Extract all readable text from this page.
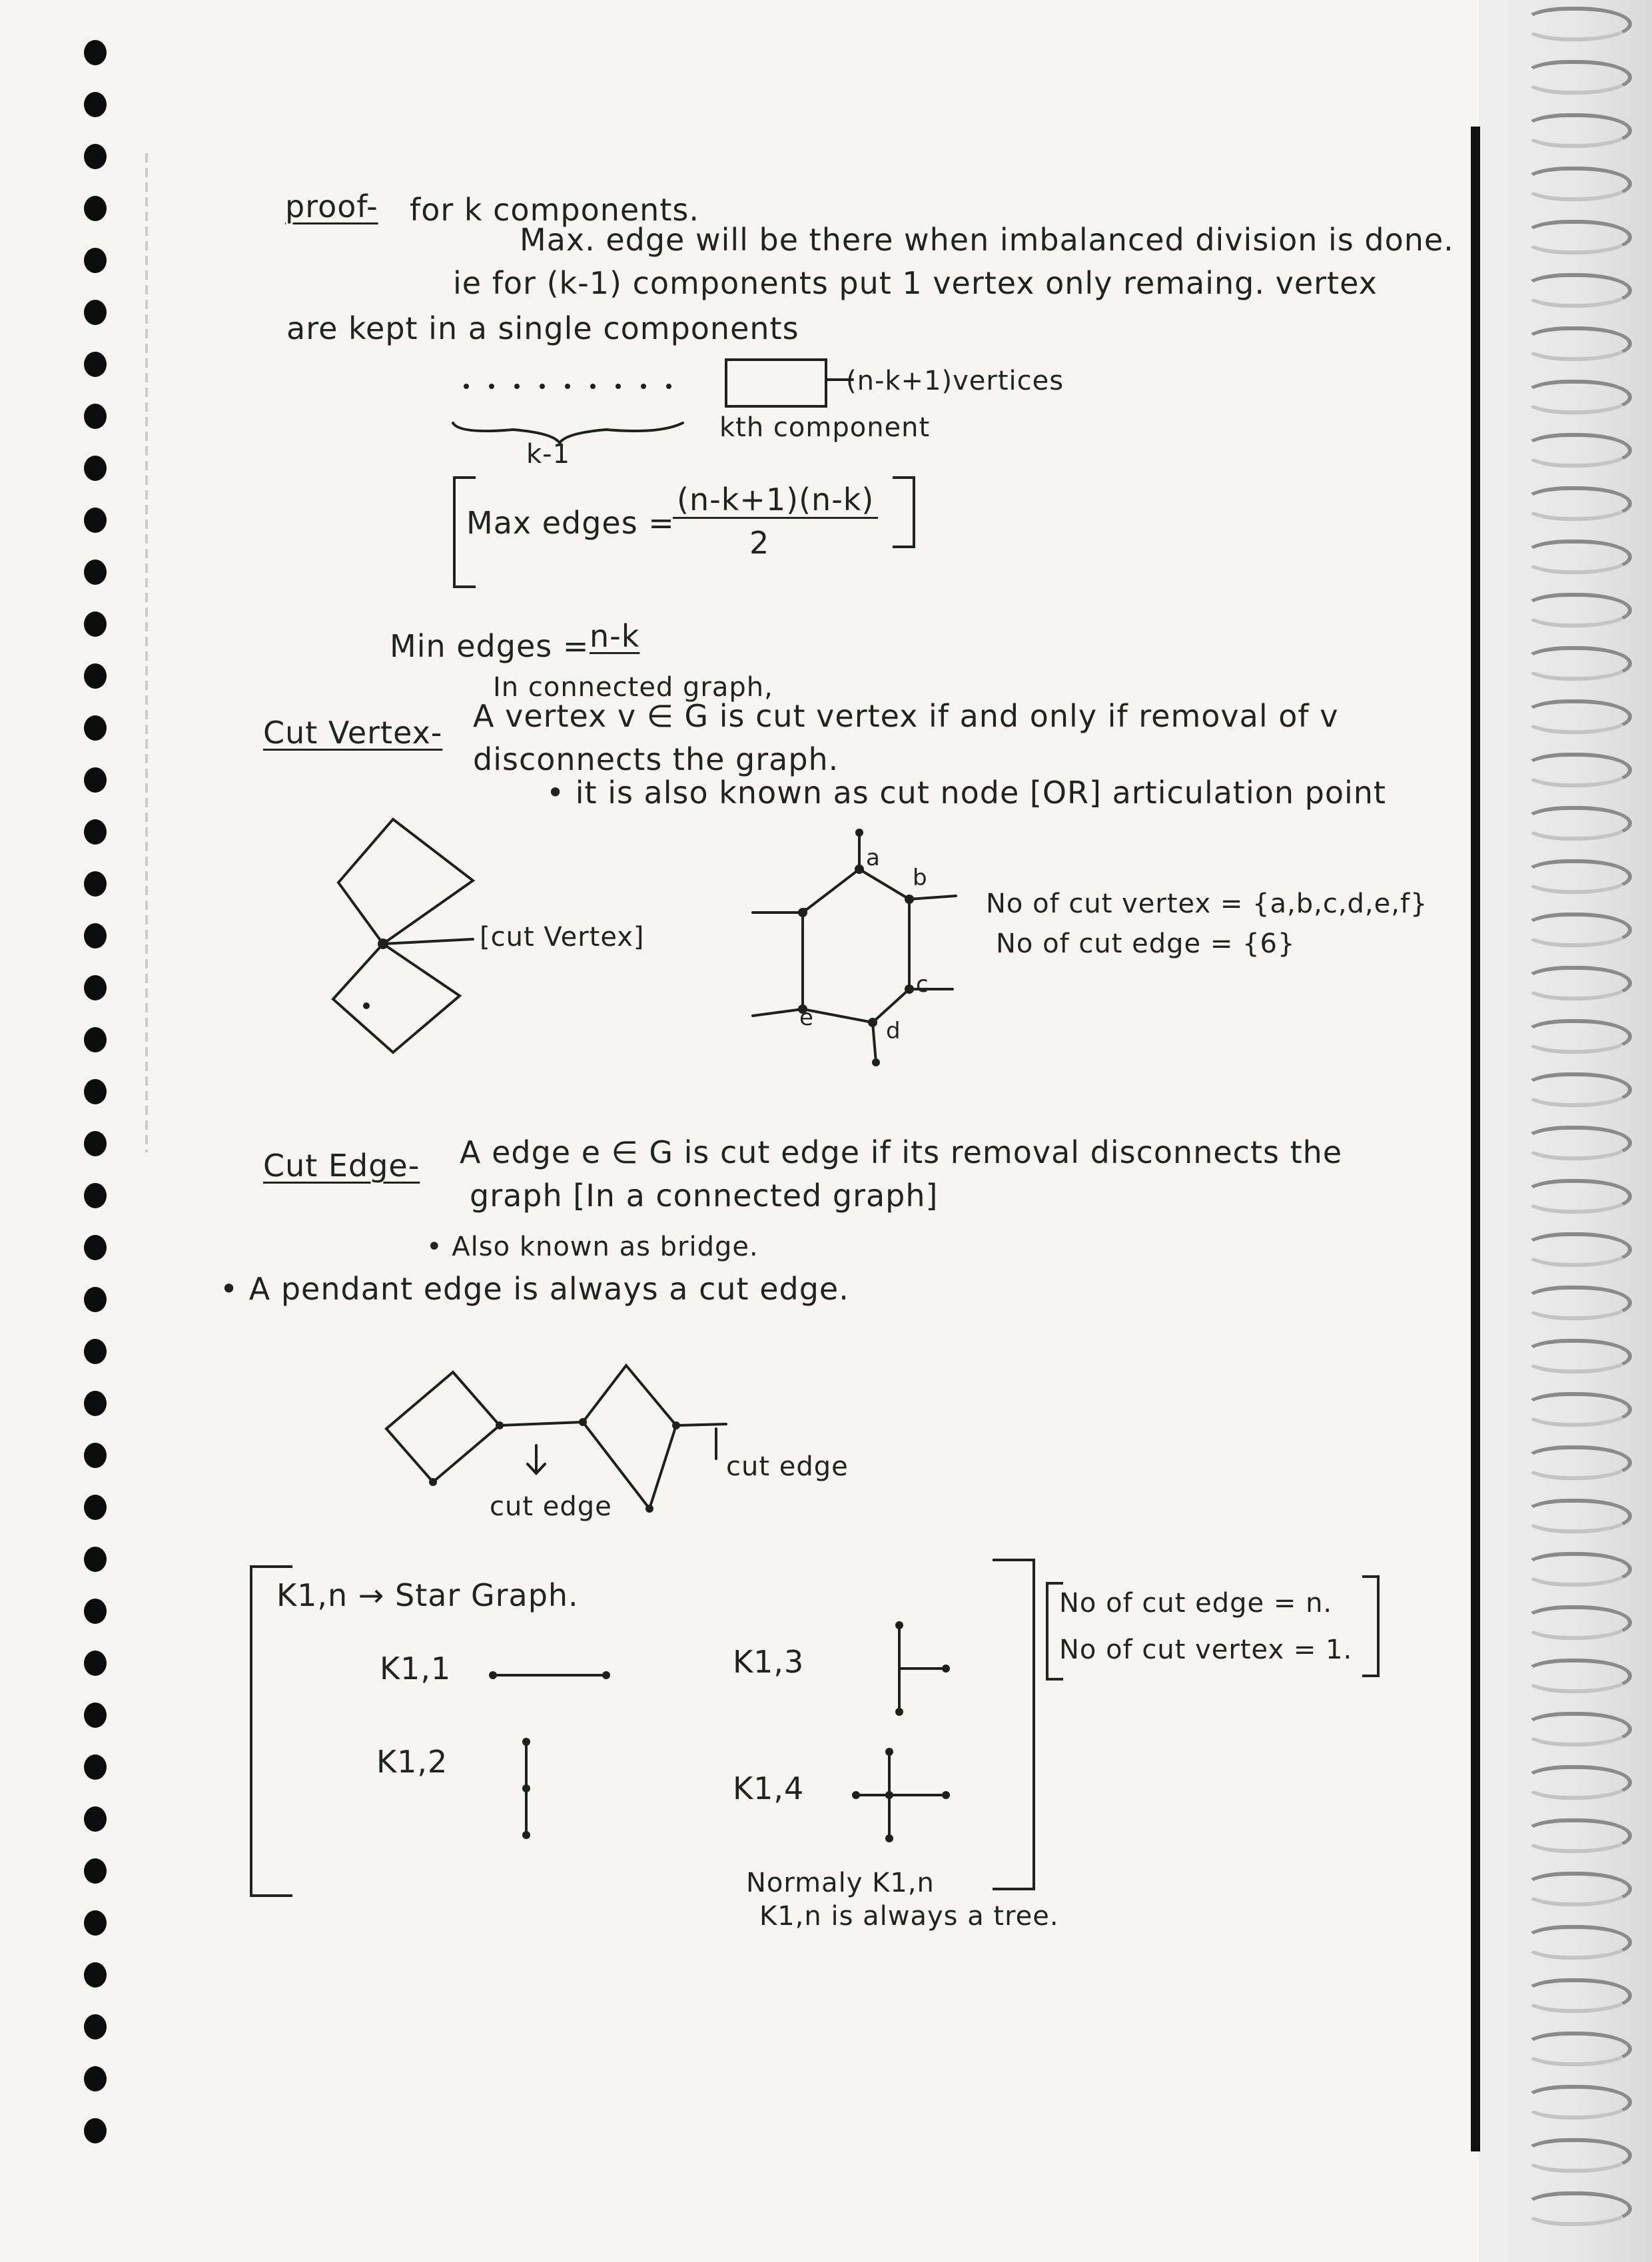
proof- for k components.
Max. edge will be there when imbalanced division is done.
ie for (k-1) components put 1 vertex only remaing. vertex
are kept in a single components
k-1
(n-k+1)vertices
kth component
Max edges =
(n-k+1)(n-k)
2
Min edges = n-k
In connected graph,
Cut Vertex- A vertex v ∈ G is cut vertex if and only if removal of v
disconnects the graph.
• it is also known as cut node [OR] articulation point
[cut Vertex]
a
b
c
d
e
f	No of cut vertex = {a,b,c,d,e,f}
No of cut edge = {6}
Cut Edge- A edge e ∈ G is cut edge if its removal disconnects the
graph [In a connected graph]
• Also known as bridge.
• A pendant edge is always a cut edge.
cut edge
cut edge
K1,n → Star Graph.
K1,1
K1,2
K1,3
K1,4
No of cut edge = n.
No of cut vertex = 1.
Normaly K1,n
K1,n is always a tree.
